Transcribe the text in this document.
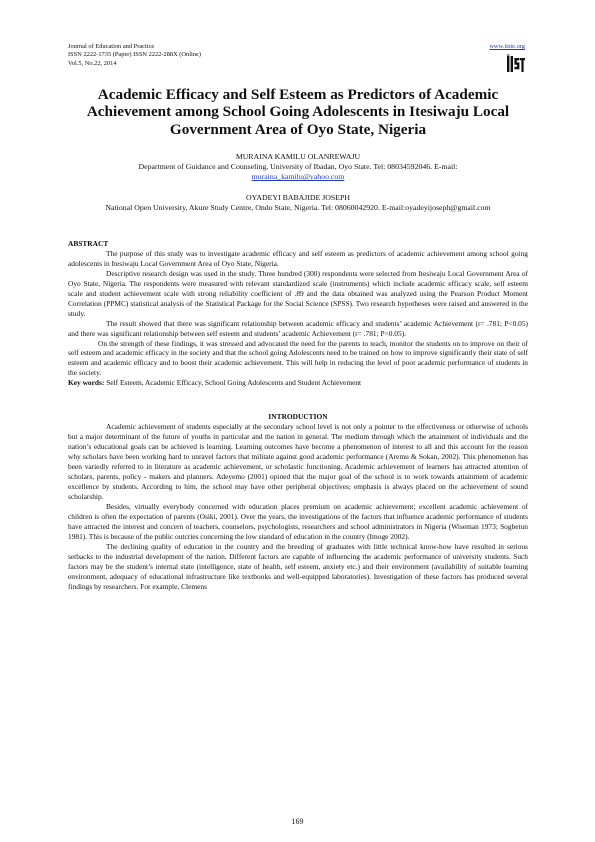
Journal of Education and Practice
ISSN 2222-1735 (Paper) ISSN 2222-288X (Online)
Vol.5, No.22, 2014
www.iiste.org
Academic Efficacy and Self Esteem as Predictors of Academic Achievement among School Going Adolescents in Itesiwaju Local Government Area of Oyo State, Nigeria
MURAINA KAMILU OLANREWAJU
Department of Guidance and Counseling, University of Ibadan, Oyo State. Tel: 08034592046. E-mail:
muraina_kamilu@yahoo.com
OYADEYI BABAJIDE JOSEPH
National Open University, Akure Study Centre, Ondo State, Nigeria. Tel: 08060042920. E-mail:oyadeyijoseph@gmail.com

ABSTRACT

The purpose of this study was to investigate academic efficacy and self esteem as predictors of academic achievement among school going adolescents in Itesiwaju Local Government Area of Oyo State, Nigeria.

Descriptive research design was used in the study. Three hundred (300) respondents were selected from Itesiwaju Local Government Area of Oyo State, Nigeria. The respondents were measured with relevant standardized scale (instruments) which include academic efficacy scale, self esteem scale and student achievement scale with strong reliability coefficient of .89 and the data obtained was analyzed using the Pearson Product Moment Correlation (PPMC) statistical analysis of the Statistical Package for the Social Science (SPSS). Two research hypotheses were raised and answered in the study.

The result showed that there was significant relationship between academic efficacy and students’ academic Achievement (r= .781; P<0.05) and there was significant relationship between self esteem and students’ academic Achievement (r= .781; P<0.05).

On the strength of these findings, it was stressed and advocated the need for the parents to teach, monitor the students on to improve on their of self esteem and academic efficacy in the society and that the school going Adolescents need to be trained on how to improve significantly their state of self esteem and academic efficacy and to boost their academic achievement. This will help in reducing the level of poor academic performance of students in the society.

Key words: Self Esteem, Academic Efficacy, School Going Adolescents and Student Achievement

INTRODUCTION

Academic achievement of students especially at the secondary school level is not only a pointer to the effectiveness or otherwise of schools but a major determinant of the future of youths in particular and the nation in general. The medium through which the attainment of individuals and the nation’s educational goals can be achieved is learning. Learning outcomes have become a phenomenon of interest to all and this account for the reason why scholars have been working hard to unravel factors that militate against good academic performance (Aremu & Sokan, 2002). This phenomenon has been variedly referred to in literature as academic achievement, or scholastic functioning. Academic achievement of learners has attracted attention of scholars, parents, policy - makers and planners. Adeyemo (2001) opined that the major goal of the school is to work towards attainment of academic excellence by students. According to him, the school may have other peripheral objectives; emphasis is always placed on the achievement of sound scholarship.

Besides, virtually everybody concerned with education places premium on academic achievement; excellent academic achievement of children is often the expectation of parents (Osiki, 2001). Over the years, the investigations of the factors that influence academic performance of students have attracted the interest and concern of teachers, counselors, psychologists, researchers and school administrators in Nigeria (Wiseman 1973; Sogbetun 1981). This is because of the public outcries concerning the low standard of education in the country (Imoge 2002).

The declining quality of education in the country and the breeding of graduates with little technical know-how have resulted in serious setbacks to the industrial development of the nation. Different factors are capable of influencing the academic performance of university students. Such factors may be the student’s internal state (intelligence, state of health, self esteem, anxiety etc.) and their environment (availability of suitable learning environment, adequacy of educational infrastructure like textbooks and well-equipped laboratories). Investigation of these factors has produced several findings by researchers. For example, Clemens

169
